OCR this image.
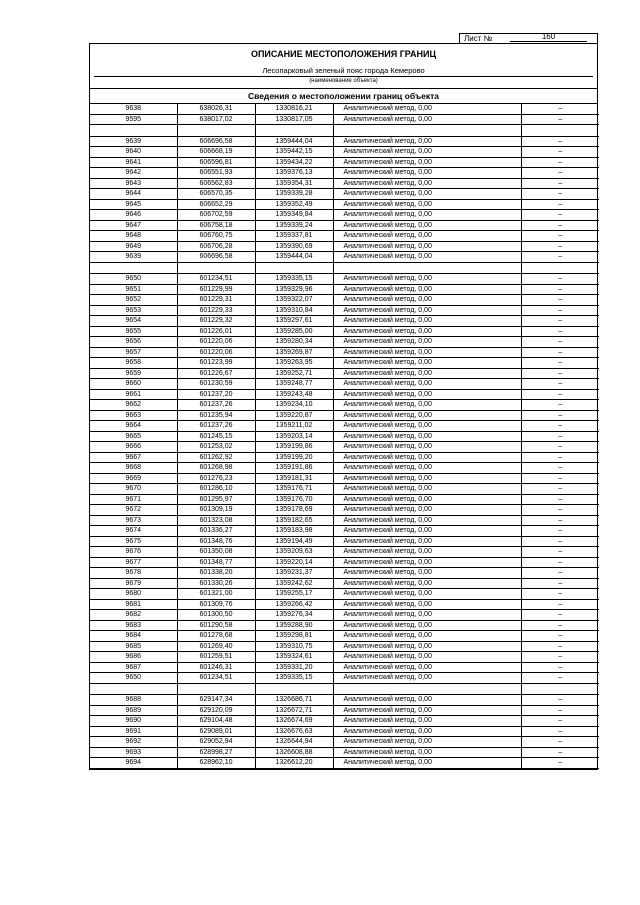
Лист №	160
ОПИСАНИЕ МЕСТОПОЛОЖЕНИЯ ГРАНИЦ
Лесопарковый зеленый пояс города Кемерово
(наименование объекта)
Сведения о местоположении границ объекта
9638	638026,31	1330816,21	Аналитический метод, 0,00	–
9595	638017,02	1330817,05	Аналитический метод, 0,00	–

9639	606696,58	1359444,04	Аналитический метод, 0,00	–
9640	606668,19	1359442,15	Аналитический метод, 0,00	–
9641	606596,81	1359434,22	Аналитический метод, 0,00	–
9642	606551,93	1359376,13	Аналитический метод, 0,00	–
9643	606562,83	1359354,31	Аналитический метод, 0,00	–
9644	606570,35	1359339,28	Аналитический метод, 0,00	–
9645	606652,29	1359352,49	Аналитический метод, 0,00	–
9646	606702,59	1359349,84	Аналитический метод, 0,00	–
9647	606758,18	1359339,24	Аналитический метод, 0,00	–
9648	606760,75	1359337,81	Аналитический метод, 0,00	–
9649	606706,28	1359390,69	Аналитический метод, 0,00	–
9639	606696,58	1359444,04	Аналитический метод, 0,00	–

9650	601234,51	1359335,15	Аналитический метод, 0,00	–
9651	601229,99	1359329,96	Аналитический метод, 0,00	–
9652	601229,31	1359322,07	Аналитический метод, 0,00	–
9653	601229,33	1359310,84	Аналитический метод, 0,00	–
9654	601229,32	1359297,61	Аналитический метод, 0,00	–
9655	601226,01	1359285,00	Аналитический метод, 0,00	–
9656	601220,06	1359280,34	Аналитический метод, 0,00	–
9657	601220,06	1359269,87	Аналитический метод, 0,00	–
9658	601223,99	1359263,95	Аналитический метод, 0,00	–
9659	601226,67	1359252,71	Аналитический метод, 0,00	–
9660	601230,59	1359248,77	Аналитический метод, 0,00	–
9661	601237,20	1359243,48	Аналитический метод, 0,00	–
9662	601237,26	1359234,10	Аналитический метод, 0,00	–
9663	601235,94	1359220,87	Аналитический метод, 0,00	–
9664	601237,26	1359211,02	Аналитический метод, 0,00	–
9665	601245,15	1359203,14	Аналитический метод, 0,00	–
9666	601253,02	1359199,86	Аналитический метод, 0,00	–
9667	601262,92	1359199,20	Аналитический метод, 0,00	–
9668	601268,98	1359191,86	Аналитический метод, 0,00	–
9669	601276,23	1359181,31	Аналитический метод, 0,00	–
9670	601286,10	1359176,71	Аналитический метод, 0,00	–
9671	601295,97	1359176,70	Аналитический метод, 0,00	–
9672	601309,19	1359178,69	Аналитический метод, 0,00	–
9673	601323,08	1359182,65	Аналитический метод, 0,00	–
9674	601336,27	1359183,98	Аналитический метод, 0,00	–
9675	601348,76	1359194,49	Аналитический метод, 0,00	–
9676	601350,08	1359209,63	Аналитический метод, 0,00	–
9677	601348,77	1359220,14	Аналитический метод, 0,00	–
9678	601338,20	1359231,37	Аналитический метод, 0,00	–
9679	601330,26	1359242,62	Аналитический метод, 0,00	–
9680	601321,00	1359255,17	Аналитический метод, 0,00	–
9681	601309,76	1359266,42	Аналитический метод, 0,00	–
9682	601300,50	1359276,34	Аналитический метод, 0,00	–
9683	601290,58	1359288,90	Аналитический метод, 0,00	–
9684	601278,68	1359298,81	Аналитический метод, 0,00	–
9685	601269,40	1359310,75	Аналитический метод, 0,00	–
9686	601259,51	1359324,61	Аналитический метод, 0,00	–
9687	601246,31	1359331,20	Аналитический метод, 0,00	–
9650	601234,51	1359335,15	Аналитический метод, 0,00	–

9688	629147,34	1326686,71	Аналитический метод, 0,00	–
9689	629120,09	1326672,71	Аналитический метод, 0,00	–
9690	629104,48	1326674,69	Аналитический метод, 0,00	–
9691	629089,01	1326676,63	Аналитический метод, 0,00	–
9692	629052,94	1326644,94	Аналитический метод, 0,00	–
9693	628998,27	1326608,88	Аналитический метод, 0,00	–
9694	628962,10	1326612,20	Аналитический метод, 0,00	–
